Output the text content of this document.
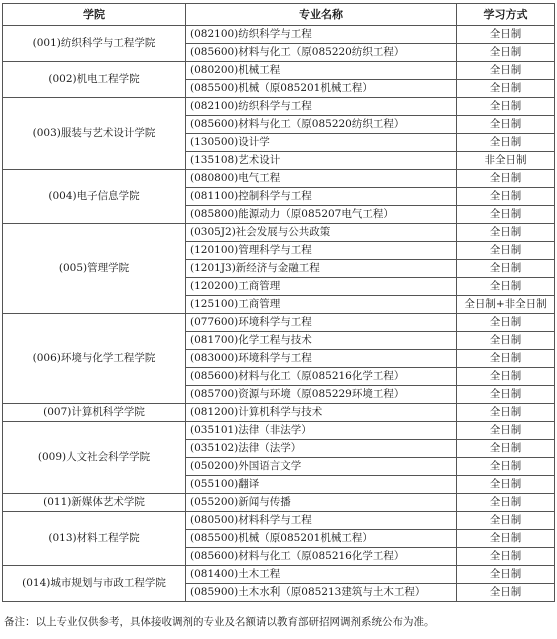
学院	专业名称	学习方式
(001)纺织科学与工程学院	(082100)纺织科学与工程	全日制
	(085600)材料与化工（原085220纺织工程）	全日制
(002)机电工程学院	(080200)机械工程	全日制
	(085500)机械（原085201机械工程）	全日制
(003)服装与艺术设计学院	(082100)纺织科学与工程	全日制
	(085600)材料与化工（原085220纺织工程）	全日制
	(130500)设计学	全日制
	(135108)艺术设计	非全日制
(004)电子信息学院	(080800)电气工程	全日制
	(081100)控制科学与工程	全日制
	(085800)能源动力（原085207电气工程）	全日制
(005)管理学院	(0305J2)社会发展与公共政策	全日制
	(120100)管理科学与工程	全日制
	(1201J3)新经济与金融工程	全日制
	(120200)工商管理	全日制
	(125100)工商管理	全日制+非全日制
(006)环境与化学工程学院	(077600)环境科学与工程	全日制
	(081700)化学工程与技术	全日制
	(083000)环境科学与工程	全日制
	(085600)材料与化工（原085216化学工程）	全日制
	(085700)资源与环境（原085229环境工程）	全日制
(007)计算机科学学院	(081200)计算机科学与技术	全日制
(009)人文社会科学学院	(035101)法律（非法学）	全日制
	(035102)法律（法学）	全日制
	(050200)外国语言文学	全日制
	(055100)翻译	全日制
(011)新媒体艺术学院	(055200)新闻与传播	全日制
(013)材料工程学院	(080500)材料科学与工程	全日制
	(085500)机械（原085201机械工程）	全日制
	(085600)材料与化工（原085216化学工程）	全日制
(014)城市规划与市政工程学院	(081400)土木工程	全日制
	(085900)土木水利（原085213建筑与土木工程）	全日制
备注：以上专业仅供参考，具体接收调剂的专业及名额请以教育部研招网调剂系统公布为准。
